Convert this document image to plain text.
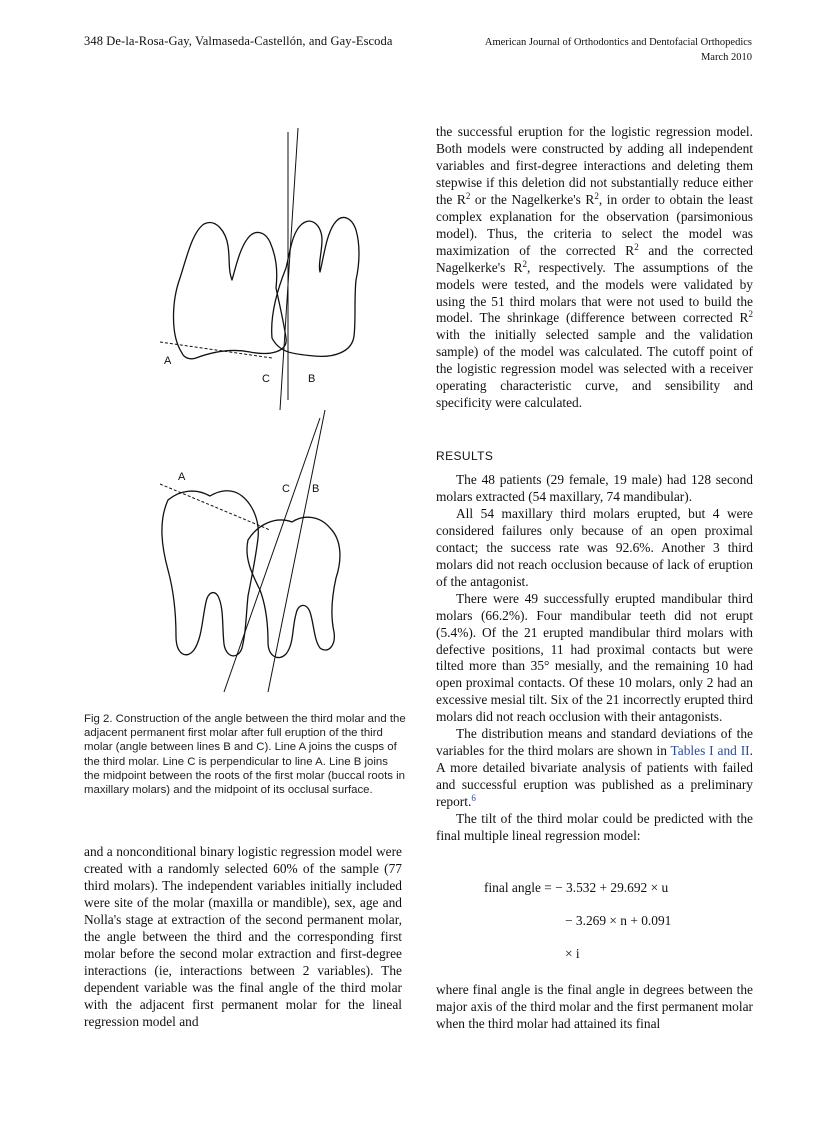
348 De-la-Rosa-Gay, Valmaseda-Castellón, and Gay-Escoda	American Journal of Orthodontics and Dentofacial Orthopedics
March 2010
A
C	B
A
C B
Fig 2. Construction of the angle between the third molar and the adjacent permanent first molar after full eruption of the third molar (angle between lines B and C). Line A joins the cusps of the third molar. Line C is perpendicular to line A. Line B joins the midpoint between the roots of the first molar (buccal roots in maxillary molars) and the midpoint of its occlusal surface.

and a nonconditional binary logistic regression model were created with a randomly selected 60% of the sample (77 third molars). The independent variables initially included were site of the molar (maxilla or mandible), sex, age and Nolla's stage at extraction of the second permanent molar, the angle between the third and the corresponding first molar before the second molar extraction and first-degree interactions (ie, interactions between 2 variables). The dependent variable was the final angle of the third molar with the adjacent first permanent molar for the lineal regression model and

the successful eruption for the logistic regression model. Both models were constructed by adding all independent variables and first-degree interactions and deleting them stepwise if this deletion did not substantially reduce either the $R^2$ or the Nagelkerke's $R^2$, in order to obtain the least complex explanation for the observation (parsimonious model). Thus, the criteria to select the model was maximization of the corrected $R^2$ and the corrected Nagelkerke's $R^2$, respectively. The assumptions of the models were tested, and the models were validated by using the 51 third molars that were not used to build the model. The shrinkage (difference between corrected $R^2$ with the initially selected sample and the validation sample) of the model was calculated. The cutoff point of the logistic regression model was selected with a receiver operating characteristic curve, and sensibility and specificity were calculated.

RESULTS

The 48 patients (29 female, 19 male) had 128 second molars extracted (54 maxillary, 74 mandibular).

All 54 maxillary third molars erupted, but 4 were considered failures only because of an open proximal contact; the success rate was 92.6%. Another 3 third molars did not reach occlusion because of lack of eruption of the antagonist.

There were 49 successfully erupted mandibular third molars (66.2%). Four mandibular teeth did not erupt (5.4%). Of the 21 erupted mandibular third molars with defective positions, 11 had proximal contacts but were tilted more than 35° mesially, and the remaining 10 had open proximal contacts. Of these 10 molars, only 2 had an excessive mesial tilt. Six of the 21 incorrectly erupted third molars did not reach occlusion with their antagonists.

The distribution means and standard deviations of the variables for the third molars are shown in Tables I and II. A more detailed bivariate analysis of patients with failed and successful eruption was published as a preliminary report.$^6$

The tilt of the third molar could be predicted with the final multiple lineal regression model:

final angle = − 3.532 + 29.692 × u
− 3.269 × n + 0.091
× i

where final angle is the final angle in degrees between the major axis of the third molar and the first permanent molar when the third molar had attained its final
